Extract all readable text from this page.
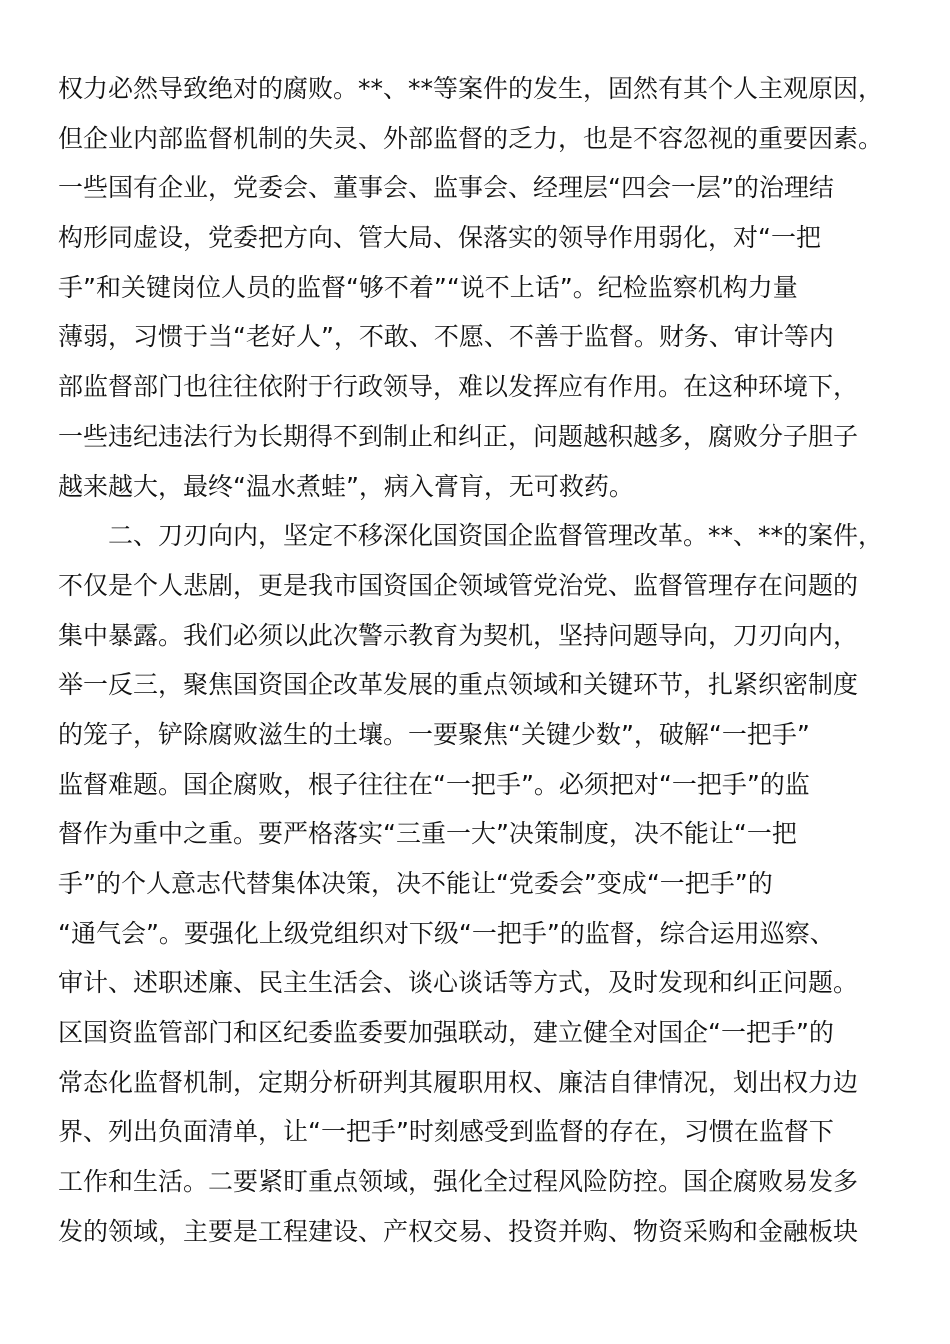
权力必然导致绝对的腐败。**、**等案件的发生，固然有其个人主观原因，
但企业内部监督机制的失灵、外部监督的乏力，也是不容忽视的重要因素。
一些国有企业，党委会、董事会、监事会、经理层“四会一层”的治理结
构形同虚设，党委把方向、管大局、保落实的领导作用弱化，对“一把
手”和关键岗位人员的监督“够不着”“说不上话”。纪检监察机构力量
薄弱，习惯于当“老好人”，不敢、不愿、不善于监督。财务、审计等内
部监督部门也往往依附于行政领导，难以发挥应有作用。在这种环境下，
一些违纪违法行为长期得不到制止和纠正，问题越积越多，腐败分子胆子
越来越大，最终“温水煮蛙”，病入膏肓，无可救药。
二、刀刃向内，坚定不移深化国资国企监督管理改革。**、**的案件，
不仅是个人悲剧，更是我市国资国企领域管党治党、监督管理存在问题的
集中暴露。我们必须以此次警示教育为契机，坚持问题导向，刀刃向内，
举一反三，聚焦国资国企改革发展的重点领域和关键环节，扎紧织密制度
的笼子，铲除腐败滋生的土壤。一要聚焦“关键少数”，破解“一把手”
监督难题。国企腐败，根子往往在“一把手”。必须把对“一把手”的监
督作为重中之重。要严格落实“三重一大”决策制度，决不能让“一把
手”的个人意志代替集体决策，决不能让“党委会”变成“一把手”的
“通气会”。要强化上级党组织对下级“一把手”的监督，综合运用巡察、
审计、述职述廉、民主生活会、谈心谈话等方式，及时发现和纠正问题。
区国资监管部门和区纪委监委要加强联动，建立健全对国企“一把手”的
常态化监督机制，定期分析研判其履职用权、廉洁自律情况，划出权力边
界、列出负面清单，让“一把手”时刻感受到监督的存在，习惯在监督下
工作和生活。二要紧盯重点领域，强化全过程风险防控。国企腐败易发多
发的领域，主要是工程建设、产权交易、投资并购、物资采购和金融板块
